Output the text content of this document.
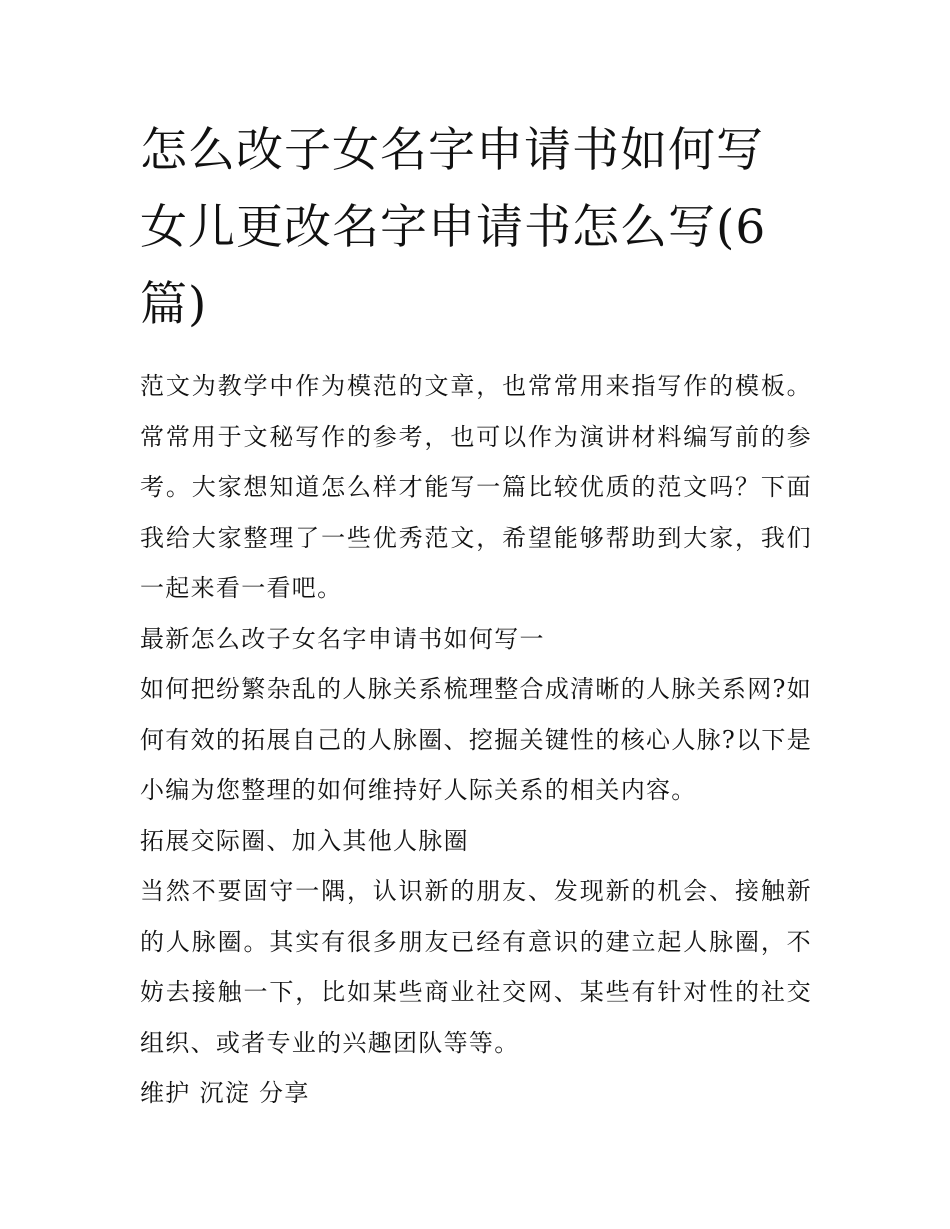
怎么改子女名字申请书如何写 女儿更改名字申请书怎么写(6篇)

范文为教学中作为模范的文章，也常常用来指写作的模板。常常用于文秘写作的参考，也可以作为演讲材料编写前的参考。大家想知道怎么样才能写一篇比较优质的范文吗？下面我给大家整理了一些优秀范文，希望能够帮助到大家，我们一起来看一看吧。

最新怎么改子女名字申请书如何写一

如何把纷繁杂乱的人脉关系梳理整合成清晰的人脉关系网?如何有效的拓展自己的人脉圈、挖掘关键性的核心人脉?以下是小编为您整理的如何维持好人际关系的相关内容。

拓展交际圈、加入其他人脉圈

当然不要固守一隅，认识新的朋友、发现新的机会、接触新的人脉圈。其实有很多朋友已经有意识的建立起人脉圈，不妨去接触一下，比如某些商业社交网、某些有针对性的社交组织、或者专业的兴趣团队等等。

维护 沉淀 分享
